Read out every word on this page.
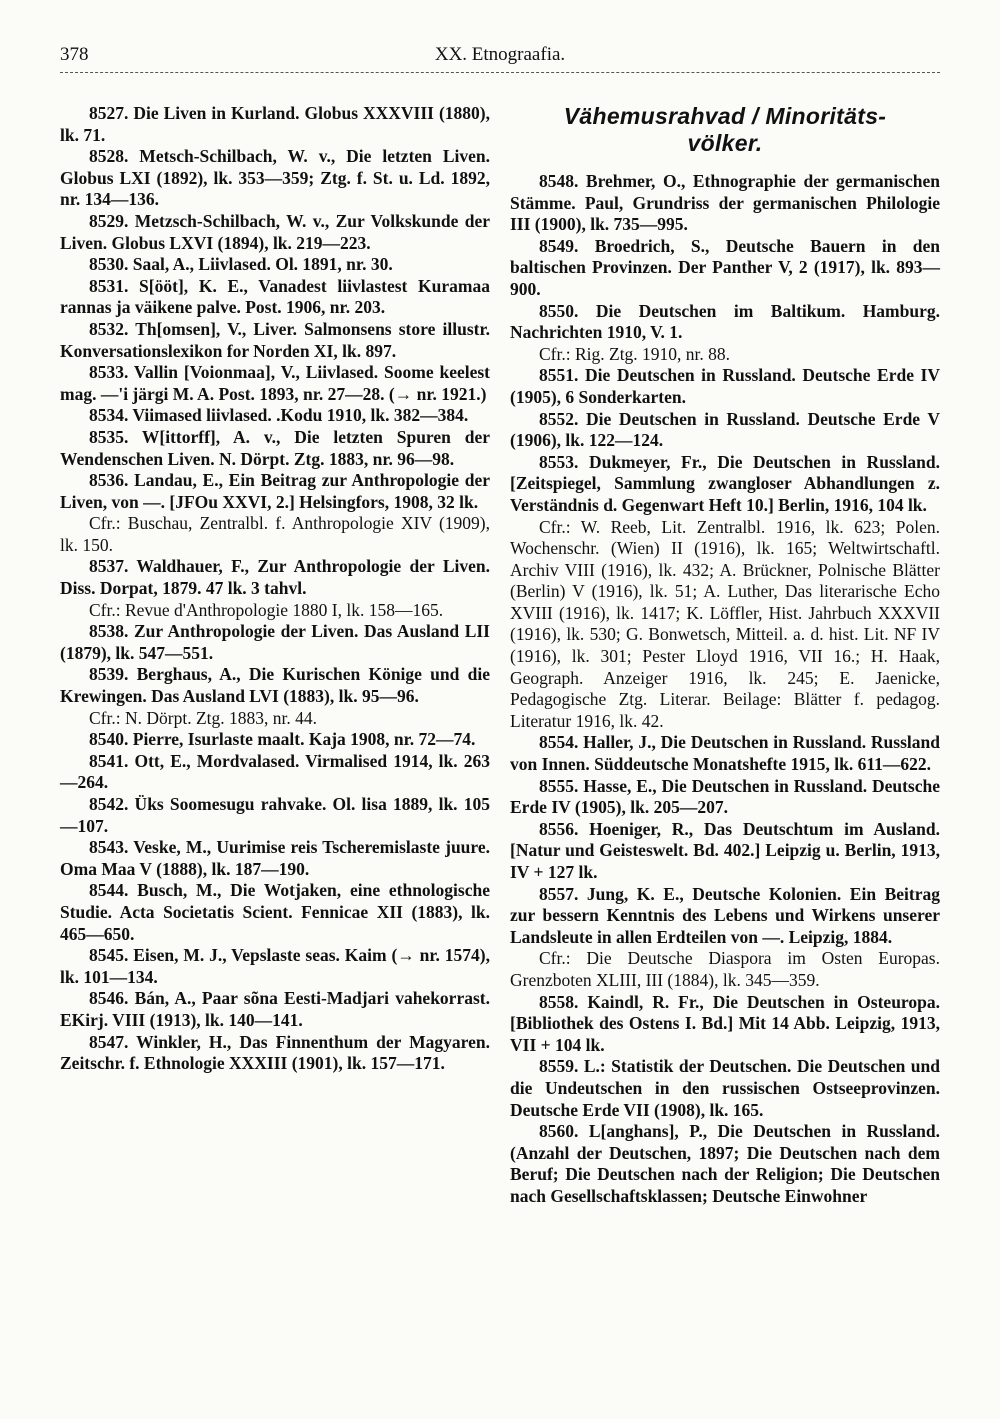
378	XX. Etnograafia.

8527. Die Liven in Kurland. Globus XXXVIII (1880), lk. 71.

8528. Metsch-Schilbach, W. v., Die letzten Liven. Globus LXI (1892), lk. 353—359; Ztg. f. St. u. Ld. 1892, nr. 134—136.

8529. Metzsch-Schilbach, W. v., Zur Volkskunde der Liven. Globus LXVI (1894), lk. 219—223.

8530. Saal, A., Liivlased. Ol. 1891, nr. 30.

8531. S[ööt], K. E., Vanadest liivlastest Kuramaa rannas ja väikene palve. Post. 1906, nr. 203.

8532. Th[omsen], V., Liver. Salmonsens store illustr. Konversationslexikon for Norden XI, lk. 897.

8533. Vallin [Voionmaa], V., Liivlased. Soome keelest mag. —'i järgi M. A. Post. 1893, nr. 27—28. (→ nr. 1921.)

8534. Viimased liivlased. .Kodu 1910, lk. 382—384.

8535. W[ittorff], A. v., Die letzten Spuren der Wendenschen Liven. N. Dörpt. Ztg. 1883, nr. 96—98.

8536. Landau, E., Ein Beitrag zur Anthropologie der Liven, von —. [JFOu XXVI, 2.] Helsingfors, 1908, 32 lk.

Cfr.: Buschau, Zentralbl. f. Anthropologie XIV (1909), lk. 150.

8537. Waldhauer, F., Zur Anthropologie der Liven. Diss. Dorpat, 1879. 47 lk. 3 tahvl.

Cfr.: Revue d'Anthropologie 1880 I, lk. 158—165.

8538. Zur Anthropologie der Liven. Das Ausland LII (1879), lk. 547—551.

8539. Berghaus, A., Die Kurischen Könige und die Krewingen. Das Ausland LVI (1883), lk. 95—96.

Cfr.: N. Dörpt. Ztg. 1883, nr. 44.

8540. Pierre, Isurlaste maalt. Kaja 1908, nr. 72—74.

8541. Ott, E., Mordvalased. Virmalised 1914, lk. 263—264.

8542. Üks Soomesugu rahvake. Ol. lisa 1889, lk. 105—107.

8543. Veske, M., Uurimise reis Tscheremislaste juure. Oma Maa V (1888), lk. 187—190.

8544. Busch, M., Die Wotjaken, eine ethnologische Studie. Acta Societatis Scient. Fennicae XII (1883), lk. 465—650.

8545. Eisen, M. J., Vepslaste seas. Kaim (→ nr. 1574), lk. 101—134.

8546. Bán, A., Paar sõna Eesti-Madjari vahekorrast. EKirj. VIII (1913), lk. 140—141.

8547. Winkler, H., Das Finnenthum der Magyaren. Zeitschr. f. Ethnologie XXXIII (1901), lk. 157—171.

Vähemusrahvad / Minoritäts-
völker.

8548. Brehmer, O., Ethnographie der germanischen Stämme. Paul, Grundriss der germanischen Philologie III (1900), lk. 735—995.

8549. Broedrich, S., Deutsche Bauern in den baltischen Provinzen. Der Panther V, 2 (1917), lk. 893—900.

8550. Die Deutschen im Baltikum. Hamburg. Nachrichten 1910, V. 1.

Cfr.: Rig. Ztg. 1910, nr. 88.

8551. Die Deutschen in Russland. Deutsche Erde IV (1905), 6 Sonderkarten.

8552. Die Deutschen in Russland. Deutsche Erde V (1906), lk. 122—124.

8553. Dukmeyer, Fr., Die Deutschen in Russland. [Zeitspiegel, Sammlung zwangloser Abhandlungen z. Verständnis d. Gegenwart Heft 10.] Berlin, 1916, 104 lk.

Cfr.: W. Reeb, Lit. Zentralbl. 1916, lk. 623; Polen. Wochenschr. (Wien) II (1916), lk. 165; Weltwirtschaftl. Archiv VIII (1916), lk. 432; A. Brückner, Polnische Blätter (Berlin) V (1916), lk. 51; A. Luther, Das literarische Echo XVIII (1916), lk. 1417; K. Löffler, Hist. Jahrbuch XXXVII (1916), lk. 530; G. Bonwetsch, Mitteil. a. d. hist. Lit. NF IV (1916), lk. 301; Pester Lloyd 1916, VII 16.; H. Haak, Geograph. Anzeiger 1916, lk. 245; E. Jaenicke, Pedagogische Ztg. Literar. Beilage: Blätter f. pedagog. Literatur 1916, lk. 42.

8554. Haller, J., Die Deutschen in Russland. Russland von Innen. Süddeutsche Monatshefte 1915, lk. 611—622.

8555. Hasse, E., Die Deutschen in Russland. Deutsche Erde IV (1905), lk. 205—207.

8556. Hoeniger, R., Das Deutschtum im Ausland. [Natur und Geisteswelt. Bd. 402.] Leipzig u. Berlin, 1913, IV + 127 lk.

8557. Jung, K. E., Deutsche Kolonien. Ein Beitrag zur bessern Kenntnis des Lebens und Wirkens unserer Landsleute in allen Erdteilen von —. Leipzig, 1884.

Cfr.: Die Deutsche Diaspora im Osten Europas. Grenzboten XLIII, III (1884), lk. 345—359.

8558. Kaindl, R. Fr., Die Deutschen in Osteuropa. [Bibliothek des Ostens I. Bd.] Mit 14 Abb. Leipzig, 1913, VII + 104 lk.

8559. L.: Statistik der Deutschen. Die Deutschen und die Undeutschen in den russischen Ostseeprovinzen. Deutsche Erde VII (1908), lk. 165.

8560. L[anghans], P., Die Deutschen in Russland. (Anzahl der Deutschen, 1897; Die Deutschen nach dem Beruf; Die Deutschen nach der Religion; Die Deutschen nach Gesellschaftsklassen; Deutsche Einwohner
